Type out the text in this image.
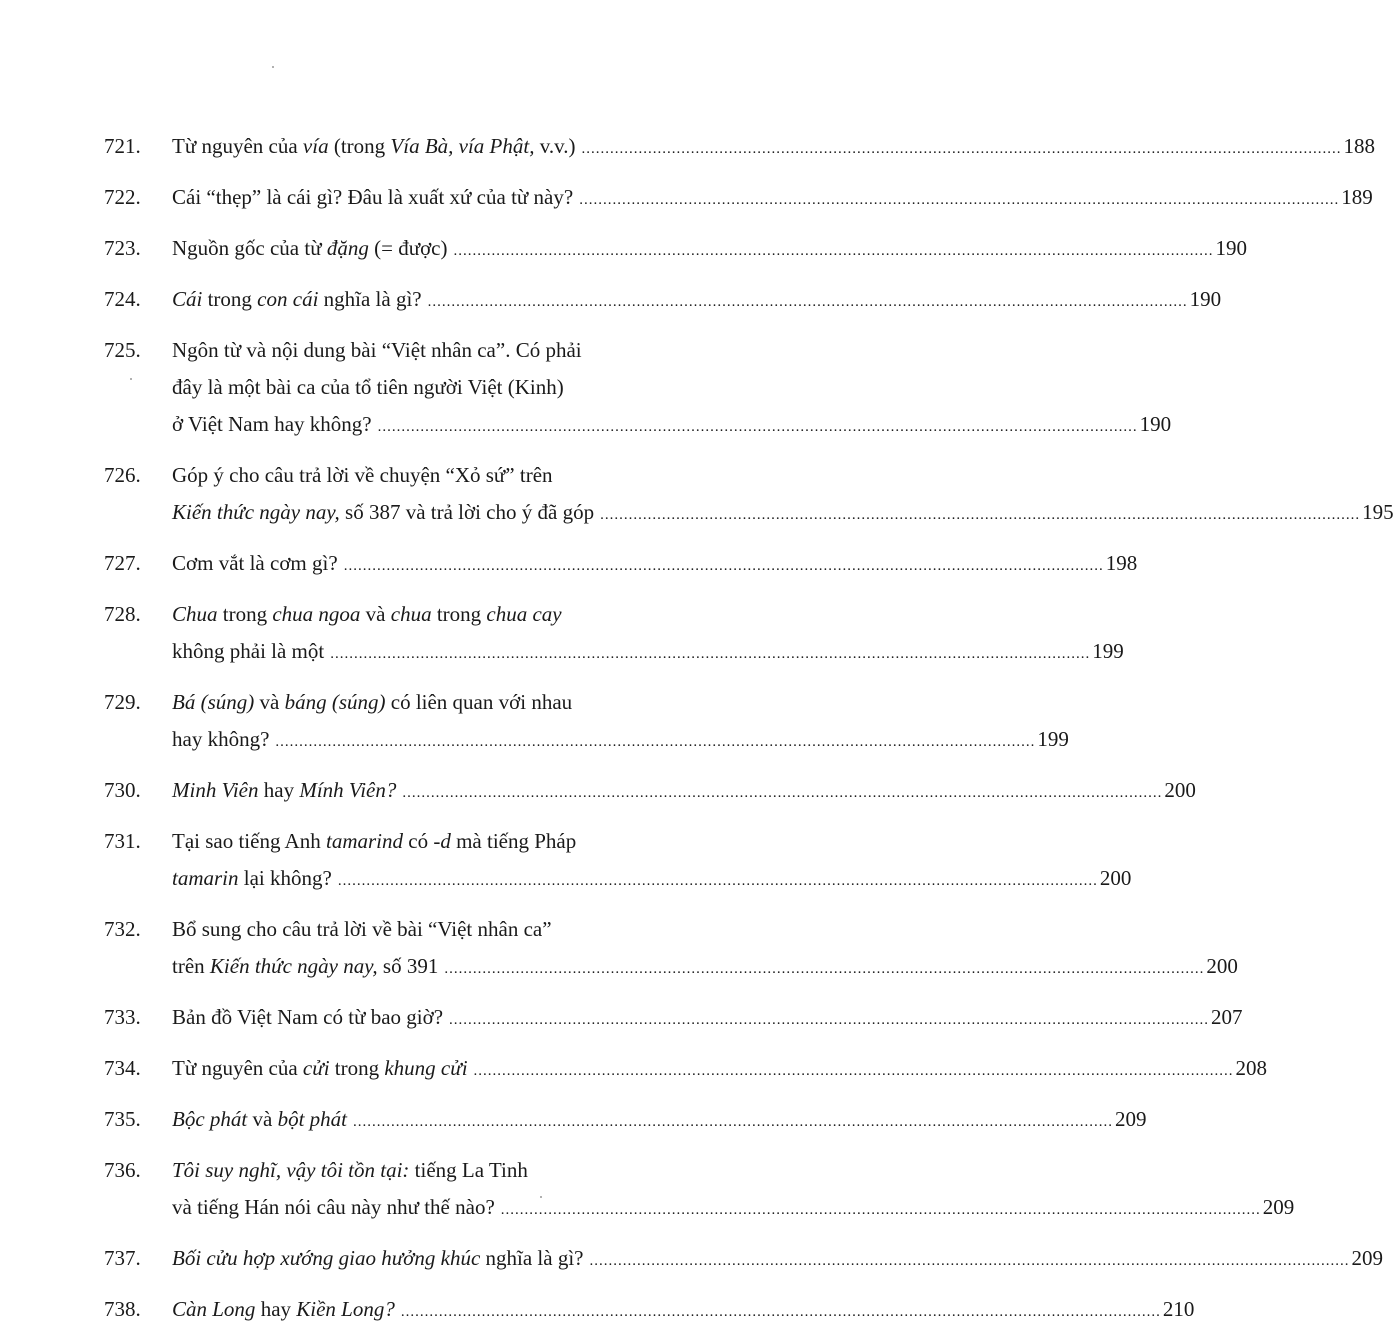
721.	Từ nguyên của vía (trong Vía Bà, vía Phật, v.v.) .....	188
722.	Cái “thẹp” là cái gì? Đâu là xuất xứ của từ này? .....	189
723.	Nguồn gốc của từ đặng (= được) .....	190
724.	Cái trong con cái nghĩa là gì? .....	190
725.	Ngôn từ và nội dung bài “Việt nhân ca”. Có phải
đây là một bài ca của tổ tiên người Việt (Kinh)
ở Việt Nam hay không? .....	190
726.	Góp ý cho câu trả lời về chuyện “Xỏ sứ” trên
Kiến thức ngày nay, số 387 và trả lời cho ý đã góp .....	195
727.	Cơm vắt là cơm gì? .....	198
728.	Chua trong chua ngoa và chua trong chua cay
không phải là một .....	199
729.	Bá (súng) và báng (súng) có liên quan với nhau
hay không? .....	199
730.	Minh Viên hay Mính Viên? .....	200
731.	Tại sao tiếng Anh tamarind có -d mà tiếng Pháp
tamarin lại không? .....	200
732.	Bổ sung cho câu trả lời về bài “Việt nhân ca”
trên Kiến thức ngày nay, số 391 .....	200
733.	Bản đồ Việt Nam có từ bao giờ? .....	207
734.	Từ nguyên của cửi trong khung cửi .....	208
735.	Bộc phát và bột phát .....	209
736.	Tôi suy nghĩ, vậy tôi tồn tại: tiếng La Tinh
và tiếng Hán nói câu này như thế nào? .....	209
737.	Bối cửu hợp xướng giao hưởng khúc nghĩa là gì? .....	209
738.	Càn Long hay Kiền Long? .....	210
